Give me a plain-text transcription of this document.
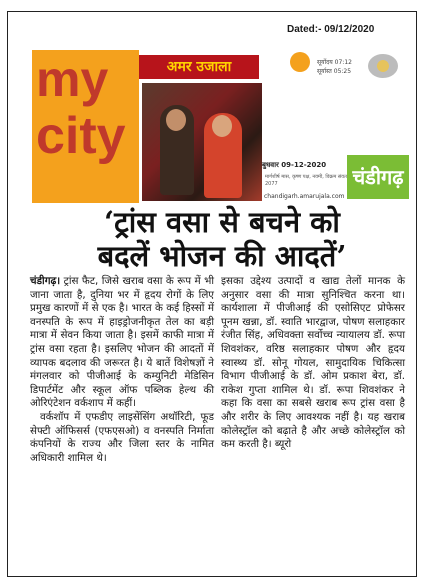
Dated:- 09/12/2020
my
city
अमर उजाला	सूर्योदय 07:12 सूर्यास्त 05:25
बुधवार 09-12-2020
मार्गशीर्ष मास, कृष्ण पक्ष, नवमी, विक्रम संवत 2077
chandigarh.amarujala.com
चंडीगढ़
‘ट्रांस वसा से बचने को
बदलें भोजन की आदतें’

चंडीगढ़। ट्रांस फैट, जिसे खराब वसा के रूप में भी जाना जाता है, दुनिया भर में हृदय रोगों के लिए प्रमुख कारणों में से एक है। भारत के कई हिस्सों में वनस्पति के रूप में हाइड्रोजनीकृत तेल का बड़ी मात्रा में सेवन किया जाता है। इसमें काफी मात्रा में ट्रांस वसा रहता है। इसलिए भोजन की आदतों में व्यापक बदलाव की जरूरत है। ये बातें विशेषज्ञों ने मंगलवार को पीजीआई के कम्युनिटी मेडिसिन डिपार्टमेंट और स्कूल ऑफ पब्लिक हेल्थ की ओरिएंटेशन वर्कशाप में कहीं।

वर्कशॉप में एफडीए लाइसेंसिंग अथॉरिटी, फूड सेफ्टी ऑफिसर्स (एफएसओ) व वनस्पति निर्माता कंपनियों के राज्य और जिला स्तर के नामित अधिकारी शामिल थे।

इसका उद्देश्य उत्पादों व खाद्य तेलों मानक के अनुसार वसा की मात्रा सुनिश्चित करना था। कार्यशाला में पीजीआई की एसोसिएट प्रोफेसर पूनम खन्ना, डॉ. स्वाति भारद्वाज, पोषण सलाहकार रंजीत सिंह, अधिवक्ता सर्वोच्च न्यायालय डॉ. रूपा शिवशंकर, वरिष्ठ सलाहकार पोषण और हृदय स्वास्थ्य डॉ. सोनू गोयल, सामुदायिक चिकित्सा विभाग पीजीआई के डॉ. ओम प्रकाश बेरा, डॉ. राकेश गुप्ता शामिल थे। डॉ. रूपा शिवशंकर ने कहा कि वसा का सबसे खराब रूप ट्रांस वसा है और शरीर के लिए आवश्यक नहीं है। यह खराब कोलेस्ट्रॉल को बढ़ाते है और अच्छे कोलेस्ट्रॉल को कम करती है। ब्यूरो
